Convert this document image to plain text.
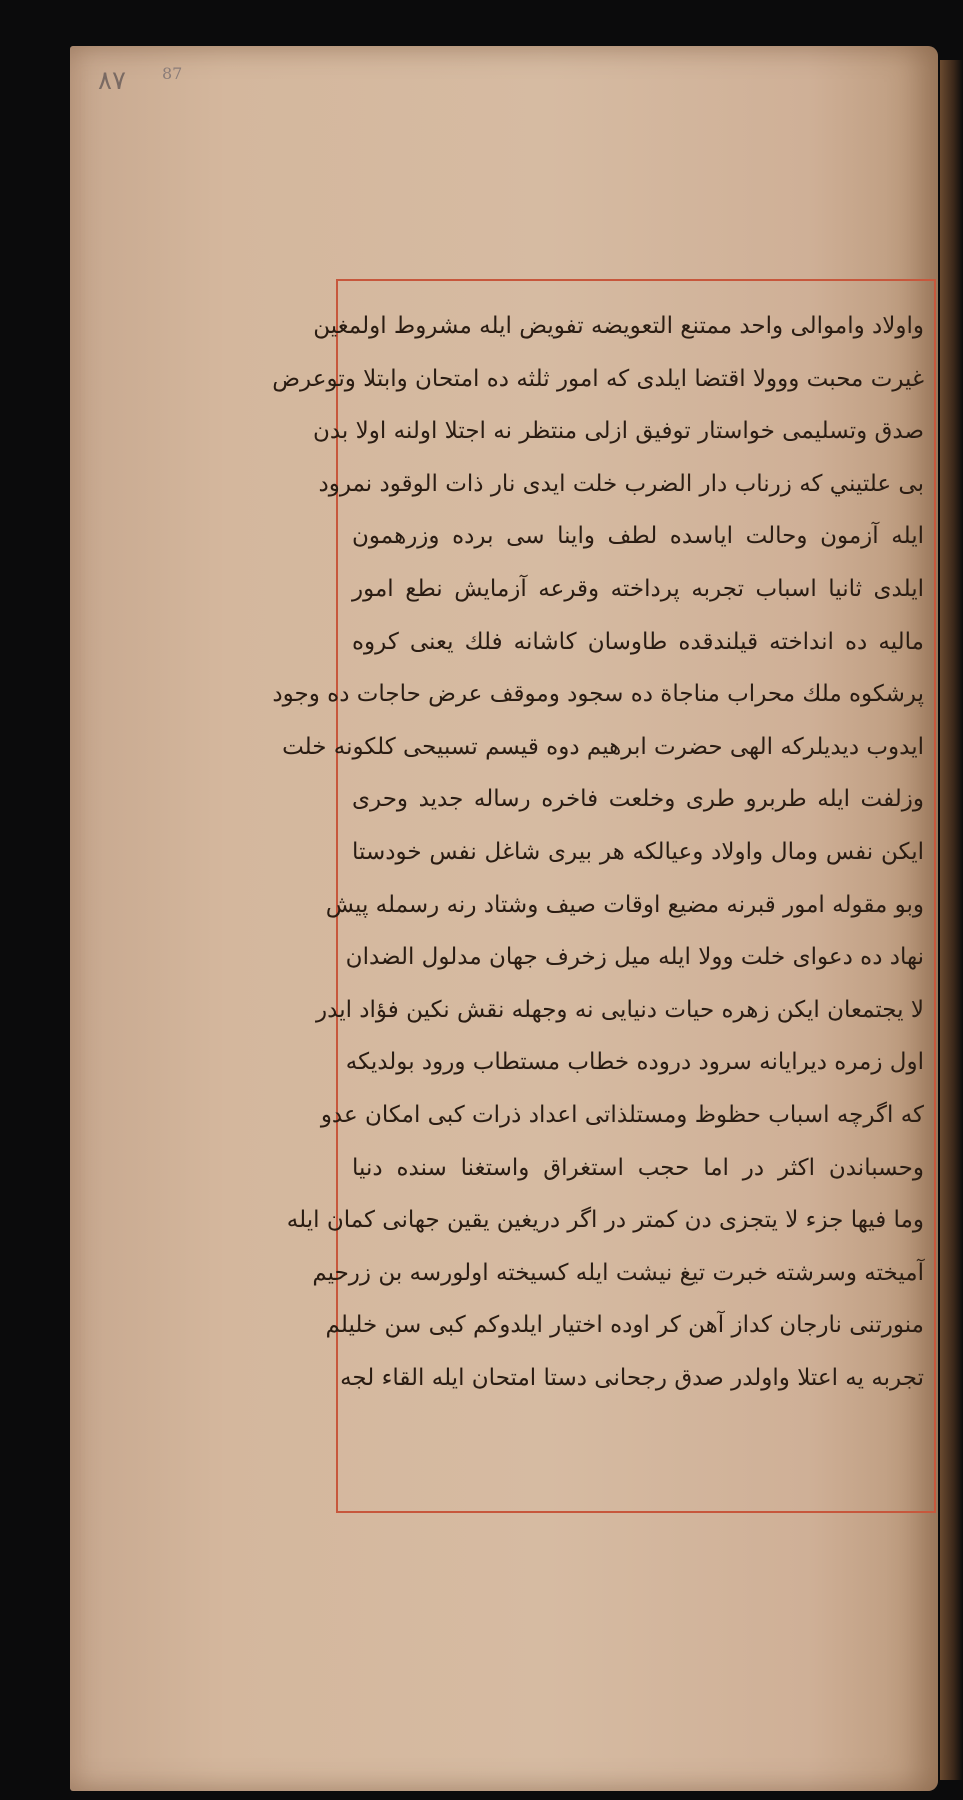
٨٧ 87
واولاد واموالى واحد ممتنع التعويضه تفويض ايله مشروط اولمغين
غيرت محبت ووولا اقتضا ايلدى كه امور ثلثه ده امتحان وابتلا وتوعرض
صدق وتسليمى خواستار توفيق ازلى منتظر نه اجتلا اولنه اولا بدن
بى علتيني كه زرناب دار الضرب خلت ايدى نار ذات الوقود نمرود
ايله آزمون وحالت اياسده لطف واينا سى برده وزرهمون
ايلدى ثانيا اسباب تجربه پرداخته وقرعه آزمايش نطع امور
ماليه ده انداخته قيلندقده طاوسان كاشانه فلك يعنى كروه
پرشكوه ملك محراب مناجاة ده سجود وموقف عرض حاجات ده وجود
ايدوب ديديلركه الهى حضرت ابرهيم دوه قيسم تسبيحى كلكونه خلت
وزلفت ايله طربرو طرى وخلعت فاخره رساله جديد وحرى
ايكن نفس ومال واولاد وعيالكه هر بيرى شاغل نفس خودستا
وبو مقوله امور قبرنه مضيع اوقات صيف وشتاد رنه رسمله پيش
نهاد ده دعواى خلت وولا ايله ميل زخرف جهان مدلول الضدان
لا يجتمعان ايكن زهره حيات دنيايى نه وجهله نقش نكين فؤاد ايدر
اول زمره ديرايانه سرود دروده خطاب مستطاب ورود بولديكه
كه اگرچه اسباب حظوظ ومستلذاتى اعداد ذرات كبى امكان عدو
وحسباندن اكثر در اما حجب استغراق واستغنا سنده دنيا
وما فيها جزء لا يتجزى دن كمتر در اگر دريغين يقين جهانى كمان ايله
آميخته وسرشته خبرت تيغ نيشت ايله كسيخته اولورسه بن زرحيم
منورتنى نارجان كداز آهن كر اوده اختيار ايلدوكم كبى سن خليلم
تجربه يه اعتلا واولدر صدق رجحانى دستا امتحان ايله القاء لجه
